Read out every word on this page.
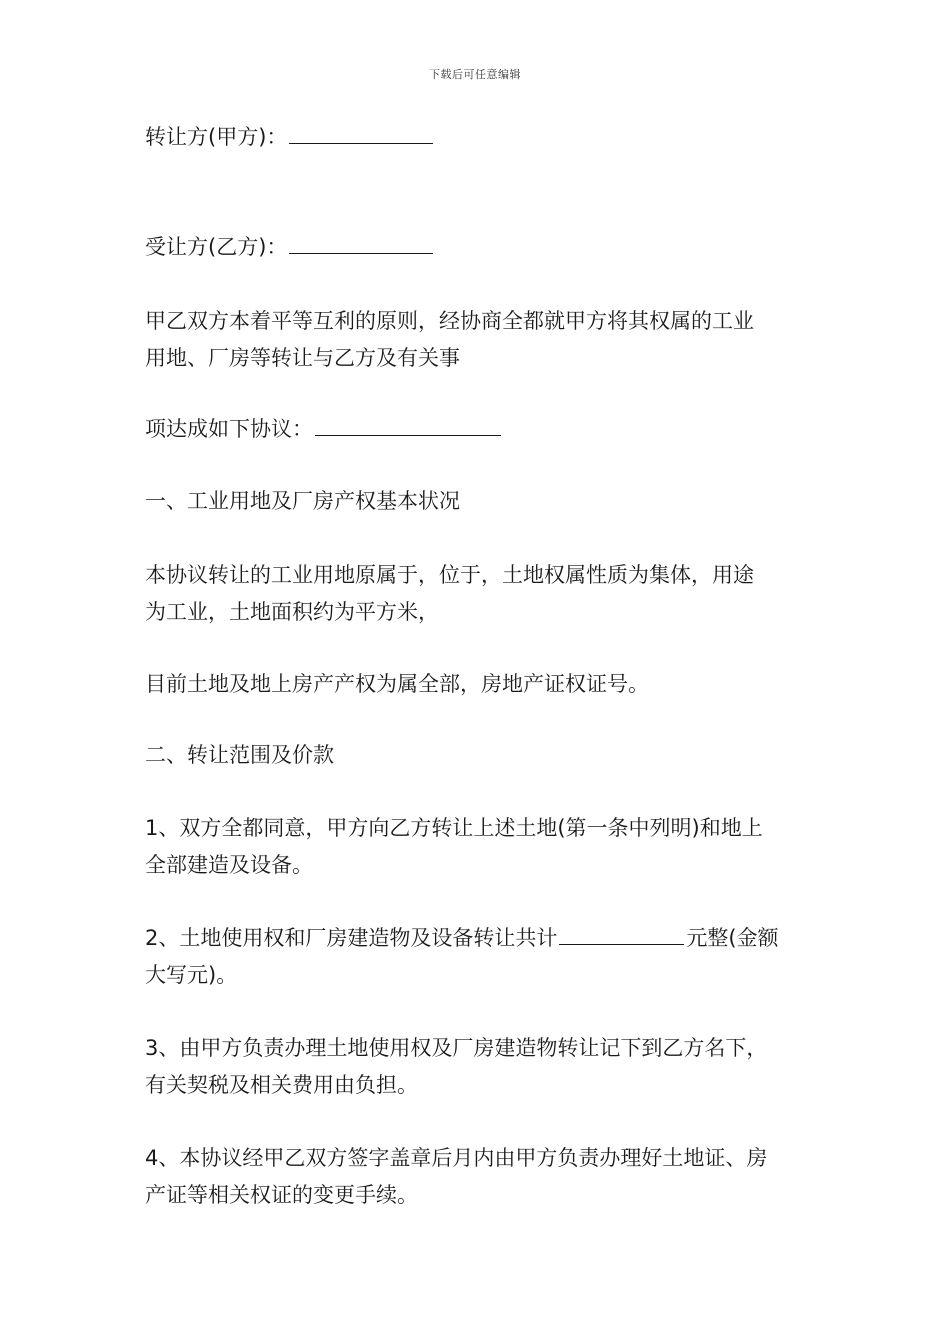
下载后可任意编辑
转让方(甲方)：
受让方(乙方)：
甲乙双方本着平等互利的原则，经协商全都就甲方将其权属的工业
用地、厂房等转让与乙方及有关事
项达成如下协议：
一、工业用地及厂房产权基本状况
本协议转让的工业用地原属于，位于，土地权属性质为集体，用途
为工业，土地面积约为平方米，
目前土地及地上房产产权为属全部，房地产证权证号。
二、转让范围及价款
1、双方全都同意，甲方向乙方转让上述土地(第一条中列明)和地上
全部建造及设备。
2、土地使用权和厂房建造物及设备转让共计	元整(金额
大写元)。
3、由甲方负责办理土地使用权及厂房建造物转让记下到乙方名下，
有关契税及相关费用由负担。
4、本协议经甲乙双方签字盖章后月内由甲方负责办理好土地证、房
产证等相关权证的变更手续。
